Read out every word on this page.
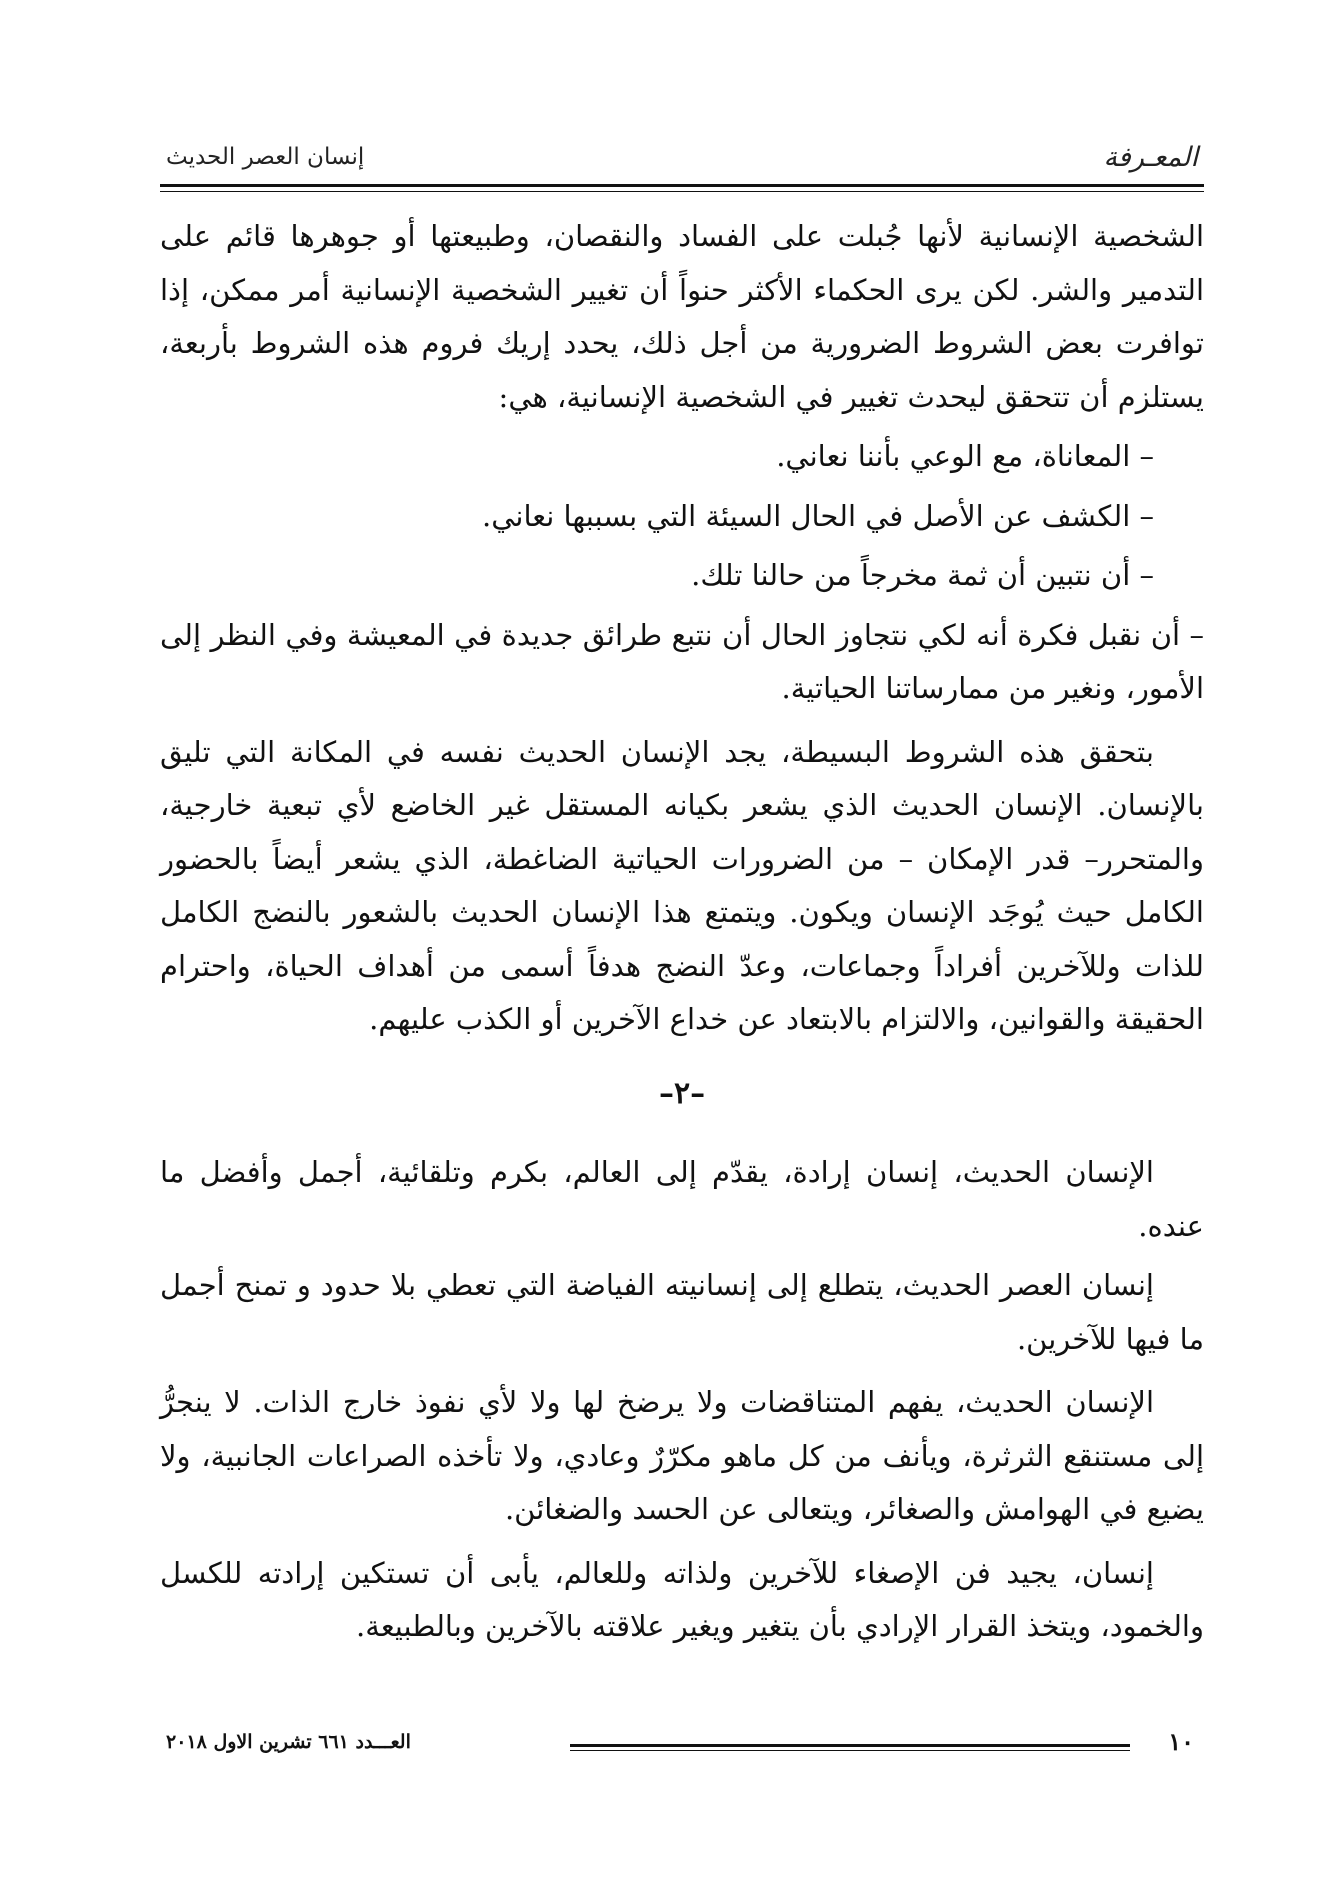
المعـرفة
إنسان العصر الحديث

الشخصية الإنسانية لأنها جُبلت على الفساد والنقصان، وطبيعتها أو جوهرها قائم على التدمير والشر. لكن يرى الحكماء الأكثر حنواً أن تغيير الشخصية الإنسانية أمر ممكن، إذا توافرت بعض الشروط الضرورية من أجل ذلك، يحدد إريك فروم هذه الشروط بأربعة، يستلزم أن تتحقق ليحدث تغيير في الشخصية الإنسانية، هي:

– المعاناة، مع الوعي بأننا نعاني.

– الكشف عن الأصل في الحال السيئة التي بسببها نعاني.

– أن نتبين أن ثمة مخرجاً من حالنا تلك.

– أن نقبل فكرة أنه لكي نتجاوز الحال أن نتبع طرائق جديدة في المعيشة وفي النظر إلى الأمور، ونغير من ممارساتنا الحياتية.

بتحقق هذه الشروط البسيطة، يجد الإنسان الحديث نفسه في المكانة التي تليق بالإنسان. الإنسان الحديث الذي يشعر بكيانه المستقل غير الخاضع لأي تبعية خارجية، والمتحرر– قدر الإمكان – من الضرورات الحياتية الضاغطة، الذي يشعر أيضاً بالحضور الكامل حيث يُوجَد الإنسان ويكون. ويتمتع هذا الإنسان الحديث بالشعور بالنضج الكامل للذات وللآخرين أفراداً وجماعات، وعدّ النضج هدفاً أسمى من أهداف الحياة، واحترام الحقيقة والقوانين، والالتزام بالابتعاد عن خداع الآخرين أو الكذب عليهم.

–٢–

الإنسان الحديث، إنسان إرادة، يقدّم إلى العالم، بكرم وتلقائية، أجمل وأفضل ما عنده.

إنسان العصر الحديث، يتطلع إلى إنسانيته الفياضة التي تعطي بلا حدود و تمنح أجمل ما فيها للآخرين.

الإنسان الحديث، يفهم المتناقضات ولا يرضخ لها ولا لأي نفوذ خارج الذات. لا ينجرُّ إلى مستنقع الثرثرة، ويأنف من كل ماهو مكرّرٌ وعادي، ولا تأخذه الصراعات الجانبية، ولا يضيع في الهوامش والصغائر، ويتعالى عن الحسد والضغائن.

إنسان، يجيد فن الإصغاء للآخرين ولذاته وللعالم، يأبى أن تستكين إرادته للكسل والخمود، ويتخذ القرار الإرادي بأن يتغير ويغير علاقته بالآخرين وبالطبيعة.

١٠
العـــدد ٦٦١ تشرين الاول ٢٠١٨
